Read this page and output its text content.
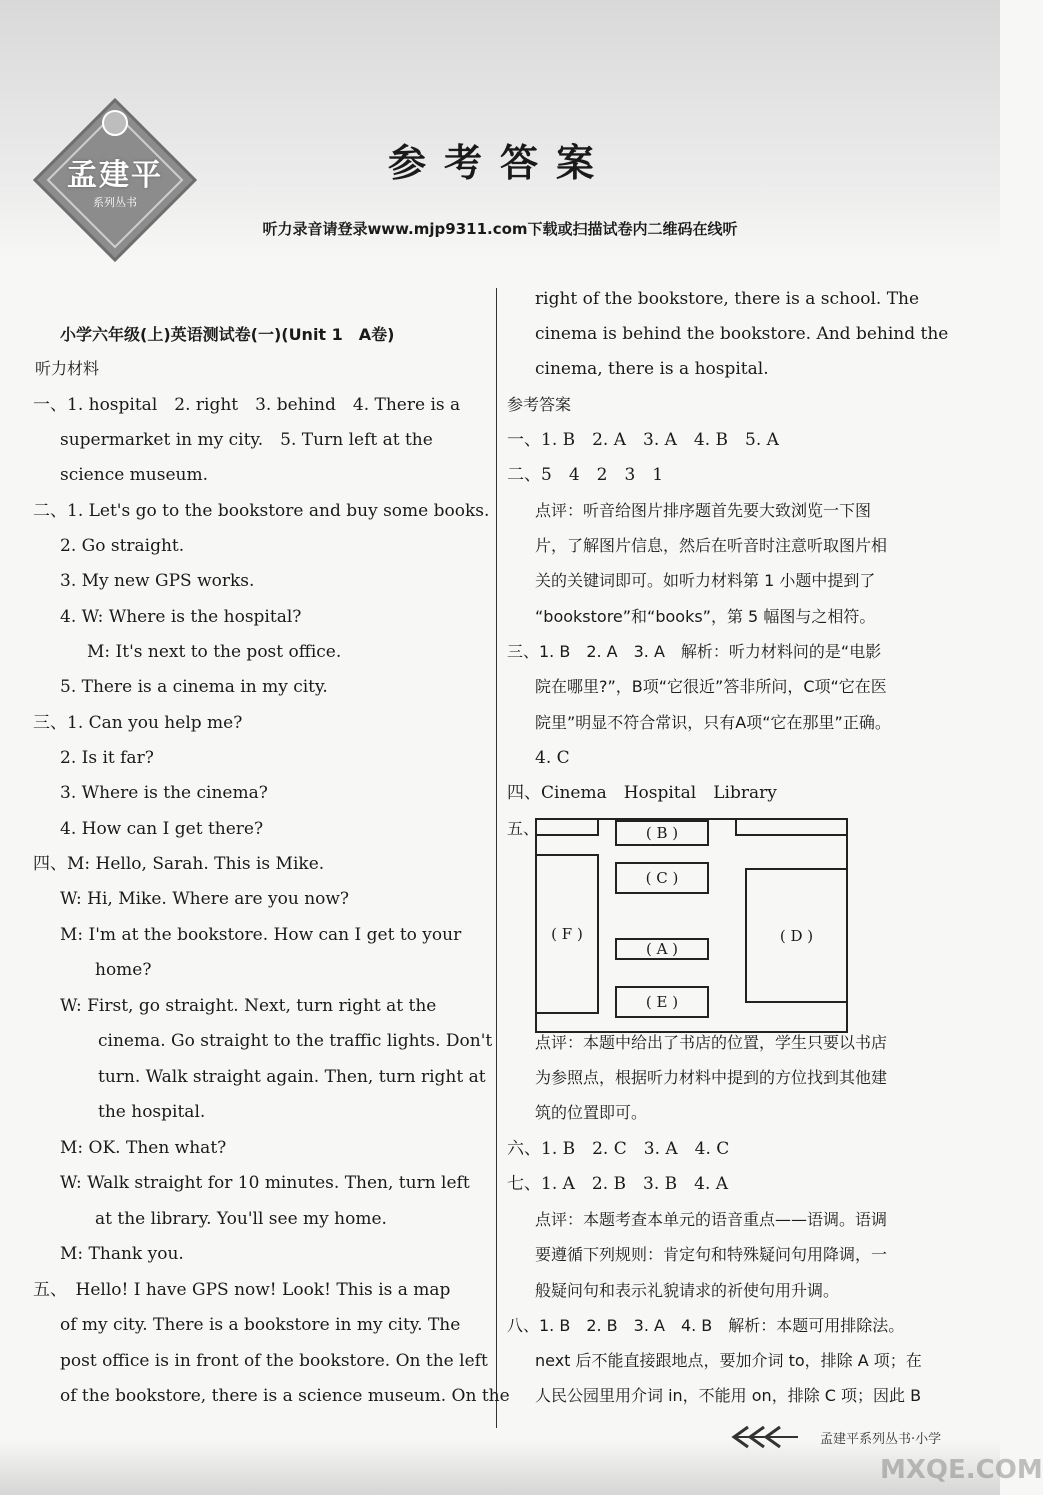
孟建平
系列丛书
参考答案
听力录音请登录www.mjp9311.com下载或扫描试卷内二维码在线听
小学六年级(上)英语测试卷(一)(Unit 1　A卷)
听力材料
一、1. hospital　2. right　3. behind　4. There is a
supermarket in my city.　5. Turn left at the
science museum.
二、1. Let's go to the bookstore and buy some books.
2. Go straight.
3. My new GPS works.
4. W: Where is the hospital?
M: It's next to the post office.
5. There is a cinema in my city.
三、1. Can you help me?
2. Is it far?
3. Where is the cinema?
4. How can I get there?
四、M: Hello, Sarah. This is Mike.
W: Hi, Mike. Where are you now?
M: I'm at the bookstore. How can I get to your
home?
W: First, go straight. Next, turn right at the
cinema. Go straight to the traffic lights. Don't
turn. Walk straight again. Then, turn right at
the hospital.
M: OK. Then what?
W: Walk straight for 10 minutes. Then, turn left
at the library. You'll see my home.
M: Thank you.
五、　Hello! I have GPS now! Look! This is a map
of my city. There is a bookstore in my city. The
post office is in front of the bookstore. On the left
of the bookstore, there is a science museum. On the
right of the bookstore, there is a school. The
cinema is behind the bookstore. And behind the
cinema, there is a hospital.
参考答案
一、1. B　2. A　3. A　4. B　5. A
二、5　4　2　3　1
点评：听音给图片排序题首先要大致浏览一下图
片，了解图片信息，然后在听音时注意听取图片相
关的关键词即可。如听力材料第 1 小题中提到了
“bookstore”和“books”，第 5 幅图与之相符。
三、1. B　2. A　3. A　解析：听力材料问的是“电影
院在哪里?”，B项“它很近”答非所问，C项“它在医
院里”明显不符合常识，只有A项“它在那里”正确。
4. C
四、Cinema　Hospital　Library
五、	( B )
( C )
( F )	( D )
( A )
( E )
点评：本题中给出了书店的位置，学生只要以书店
为参照点，根据听力材料中提到的方位找到其他建
筑的位置即可。
六、1. B　2. C　3. A　4. C
七、1. A　2. B　3. B　4. A
点评：本题考查本单元的语音重点——语调。语调
要遵循下列规则：肯定句和特殊疑问句用降调，一
般疑问句和表示礼貌请求的祈使句用升调。
八、1. B　2. B　3. A　4. B　解析：本题可用排除法。
next 后不能直接跟地点，要加介词 to，排除 A 项；在
人民公园里用介词 in，不能用 on，排除 C 项；因此 B
孟建平系列丛书·小学
MXQE.COM
